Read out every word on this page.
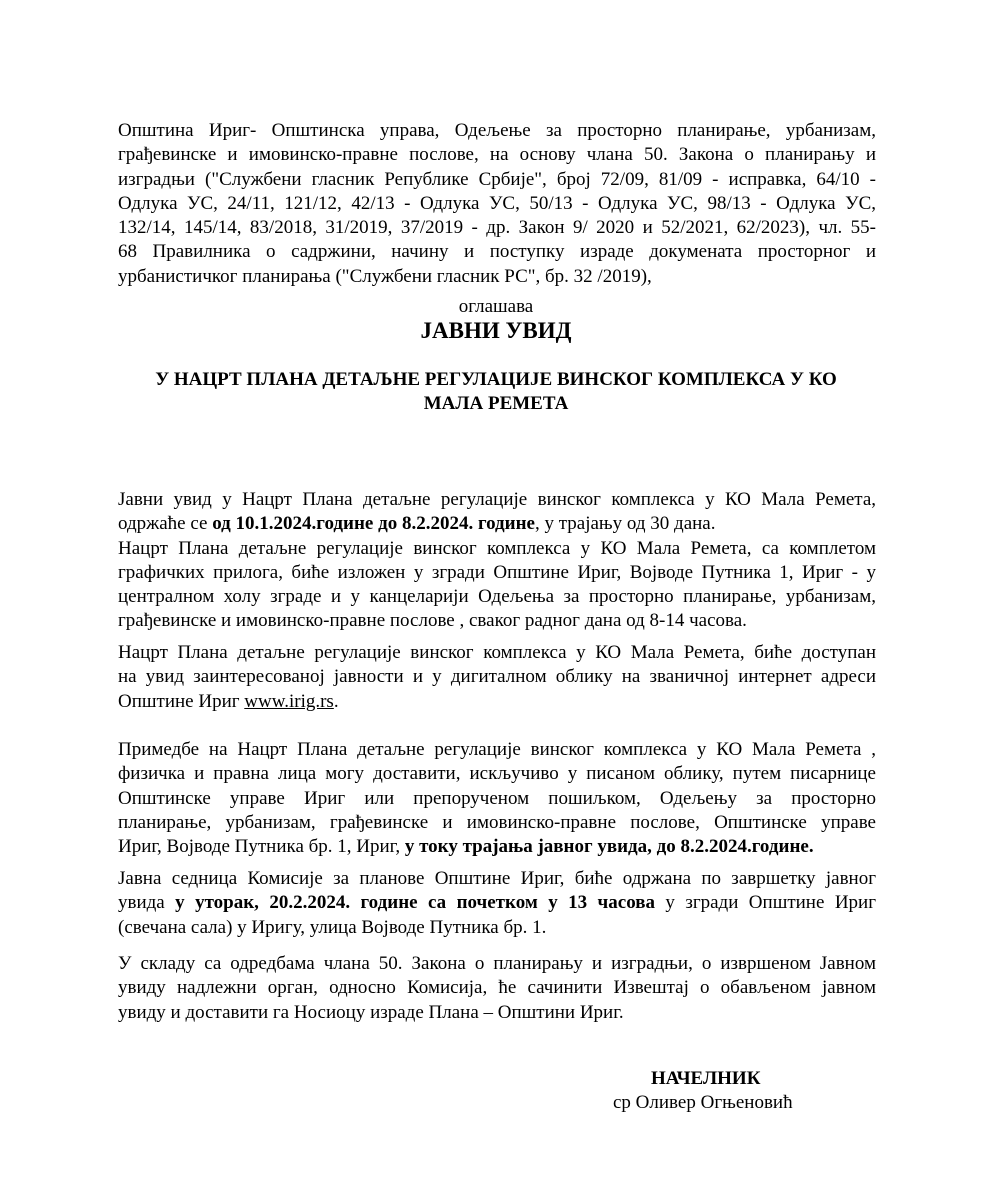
Општина Ириг- Општинска управа, Одељење за просторно планирање, урбанизам,
грађевинске и имовинско-правне послове, на основу члана 50. Закона о планирању и
изградњи ("Службени гласник Републике Србије", број 72/09, 81/09 - исправка, 64/10 -
Одлука УС, 24/11, 121/12, 42/13 - Одлука УС, 50/13 - Одлука УС, 98/13 - Одлука УС,
132/14, 145/14, 83/2018, 31/2019, 37/2019 - др. Закон 9/ 2020 и 52/2021, 62/2023), чл. 55-
68 Правилника о садржини, начину и поступку израде докумената просторног и
урбанистичког планирања ("Службени гласник РС", бр. 32 /2019),
оглашава
ЈАВНИ УВИД
У НАЦРТ ПЛАНА ДЕТАЉНЕ РЕГУЛАЦИЈЕ ВИНСКОГ КОМПЛЕКСА У КО
МАЛА РЕМЕТА
Јавни увид у Нацрт Плана детаљне регулације винског комплекса у КО Мала Ремета,
одржаће се од 10.1.2024.године до 8.2.2024. године, у трајању од 30 дана.
Нацрт Плана детаљне регулације винског комплекса у КО Мала Ремета, са комплетом
графичких прилога, биће изложен у згради Општине Ириг, Војводе Путника 1, Ириг - у
централном холу зграде и у канцеларији Одељења за просторно планирање, урбанизам,
грађевинске и имовинско-правне послове , сваког радног дана од 8-14 часова.
Нацрт Плана детаљне регулације винског комплекса у КО Мала Ремета, биће доступан
на увид заинтересованој јавности и у дигиталном облику на званичној интернет адреси
Општине Ириг www.irig.rs.
Примедбе на Нацрт Плана детаљне регулације винског комплекса у КО Мала Ремета ,
физичка и правна лица могу доставити, искључиво у писаном облику, путем писарнице
Општинске управе Ириг или препорученом пошиљком, Одељењу за просторно
планирање, урбанизам, грађевинске и имовинско-правне послове, Општинске управе
Ириг, Војводе Путника бр. 1, Ириг, у току трајања јавног увида, до 8.2.2024.године.
Јавна седница Комисије за планове Општине Ириг, биће одржана по завршетку јавног
увида у уторак, 20.2.2024. године са почетком у 13 часова у згради Општине Ириг
(свечана сала) у Иригу, улица Војводе Путника бр. 1.
У складу са одредбама члана 50. Закона о планирању и изградњи, о извршеном Јавном
увиду надлежни орган, односно Комисија, ће сачинити Извештај о обављеном јавном
увиду и доставити га Носиоцу израде Плана – Општини Ириг.
НАЧЕЛНИК
ср Оливер Огњеновић
